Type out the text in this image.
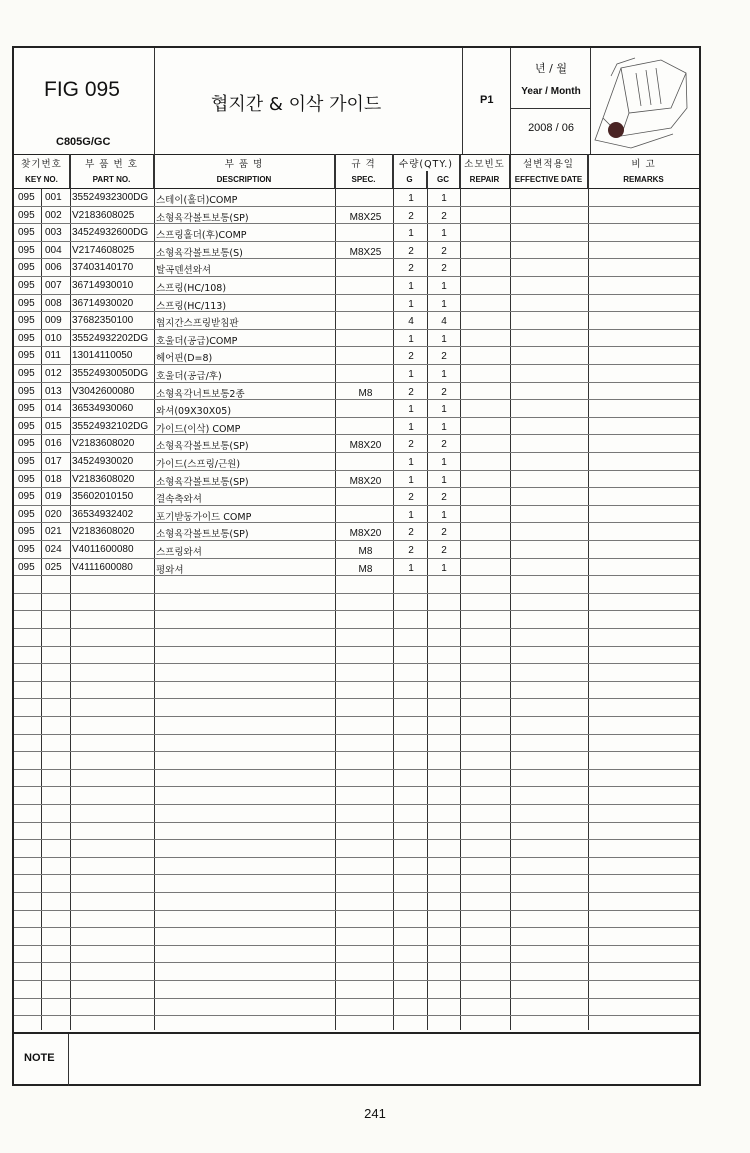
FIG 095
C805G/GC
협지간 & 이삭 가이드	P1
년 / 월
Year / Month
2008 / 06
찾기번호
KEY NO.
부 품 번 호
PART NO.
부 품 명
DESCRIPTION
규 격
SPEC.
수량(QTY.)
G	GC
소모빈도
REPAIR
설변적용일
EFFECTIVE DATE
비 고
REMARKS
095 001 35524932300DG 스테이(홀더)COMP	1	1
095 002 V2183608025 소형육각볼트보통(SP)	M8X25	2	2
095 003 34524932600DG 스프링홀더(후)COMP	1	1
095 004 V2174608025 소형육각볼트보통(S)	M8X25	2	2
095 006 37403140170 탈곡덴션와셔	2	2
095 007 36714930010 스프링(HC/108)	1	1
095 008 36714930020 스프링(HC/113)	1	1
095 009 37682350100 협지간스프링받침판	4	4
095 010 35524932202DG 호울더(공급)COMP	1	1
095 011 13014110050 헤어핀(D=8)	2	2
095 012 35524930050DG 호울더(공급/후)	1	1
095 013 V3042600080 소형육각너트보통2종	M8	2	2
095 014 36534930060 와셔(09X30X05)	1	1
095 015 35524932102DG 가이드(이삭) COMP	1	1
095 016 V2183608020 소형육각볼트보통(SP)	M8X20	2	2
095 017 34524930020 가이드(스프링/근원)	1	1
095 018 V2183608020 소형육각볼트보통(SP)	M8X20	1	1
095 019 35602010150 결속축와셔	2	2
095 020 36534932402 포기받동가이드 COMP	1	1
095 021 V2183608020 소형육각볼트보통(SP)	M8X20	2	2
095 024 V4011600080 스프링와셔	M8	2	2
095 025 V4111600080 평와셔	M8	1	1
NOTE
241
